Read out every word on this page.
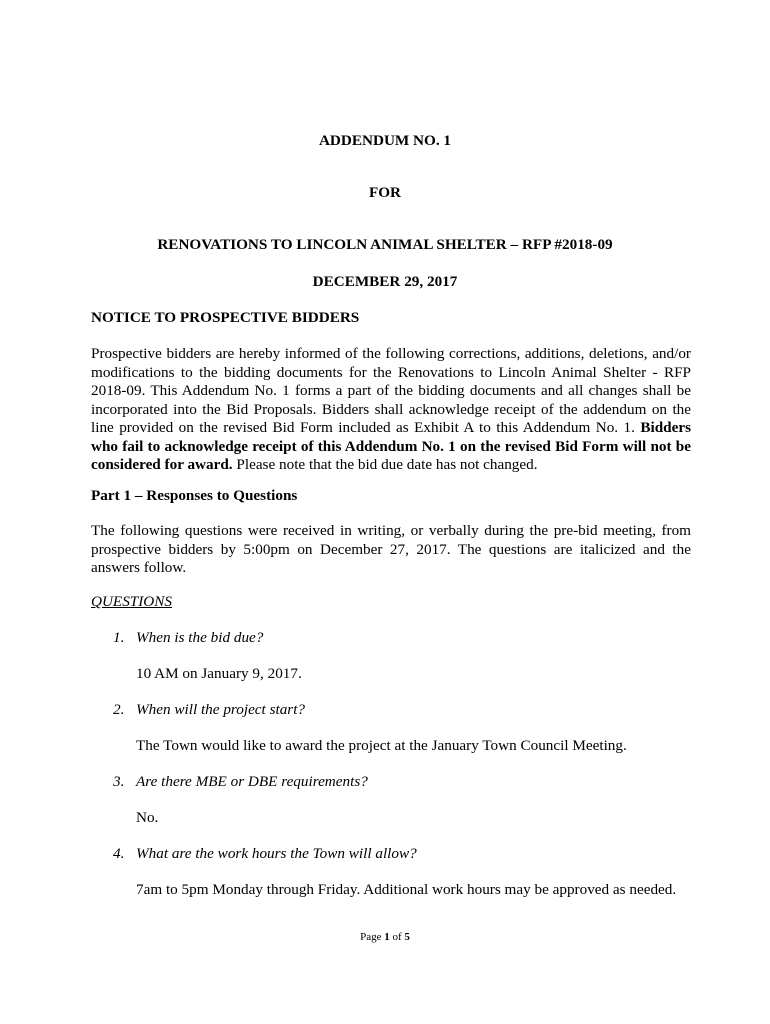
ADDENDUM NO. 1
FOR
RENOVATIONS TO LINCOLN ANIMAL SHELTER – RFP #2018-09
DECEMBER 29, 2017
NOTICE TO PROSPECTIVE BIDDERS
Prospective bidders are hereby informed of the following corrections, additions, deletions, and/or modifications to the bidding documents for the Renovations to Lincoln Animal Shelter - RFP 2018-09. This Addendum No. 1 forms a part of the bidding documents and all changes shall be incorporated into the Bid Proposals. Bidders shall acknowledge receipt of the addendum on the line provided on the revised Bid Form included as Exhibit A to this Addendum No. 1. Bidders who fail to acknowledge receipt of this Addendum No. 1 on the revised Bid Form will not be considered for award. Please note that the bid due date has not changed.
Part 1 – Responses to Questions
The following questions were received in writing, or verbally during the pre-bid meeting, from prospective bidders by 5:00pm on December 27, 2017. The questions are italicized and the answers follow.
QUESTIONS
1. When is the bid due?
10 AM on January 9, 2017.
2. When will the project start?
The Town would like to award the project at the January Town Council Meeting.
3. Are there MBE or DBE requirements?
No.
4. What are the work hours the Town will allow?
7am to 5pm Monday through Friday. Additional work hours may be approved as needed.
Page 1 of 5
